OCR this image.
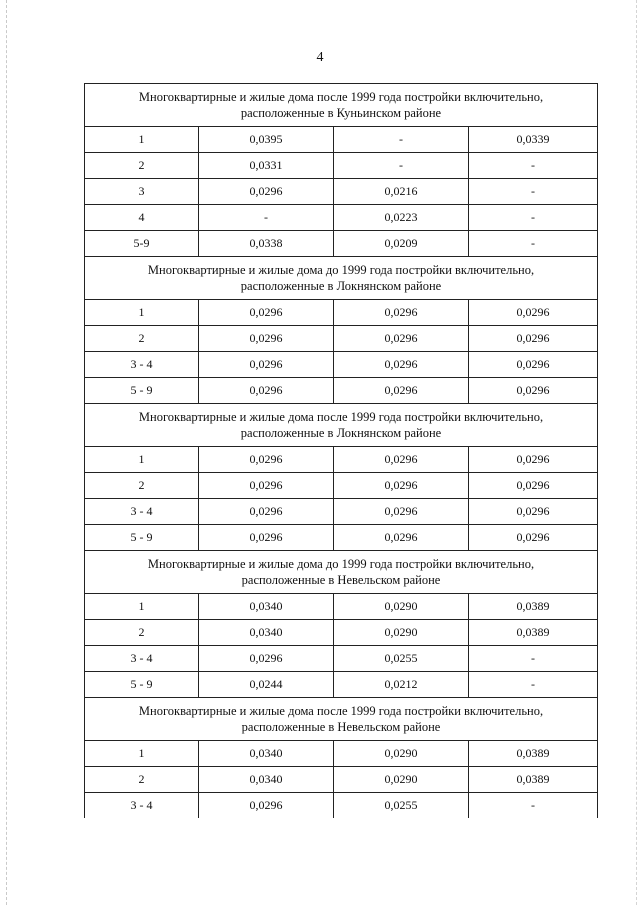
4
Многоквартирные и жилые дома после 1999 года постройки включительно,
расположенные в Куньинском районе			

1	0,0395	-	0,0339
2	0,0331	-	-
3	0,0296	0,0216	-
4	-	0,0223	-
5-9	0,0338	0,0209	-

Многоквартирные и жилые дома до 1999 года постройки включительно,
расположенные в Локнянском районе			

1	0,0296	0,0296	0,0296
2	0,0296	0,0296	0,0296
3 - 4	0,0296	0,0296	0,0296
5 - 9	0,0296	0,0296	0,0296

Многоквартирные и жилые дома после 1999 года постройки включительно,
расположенные в Локнянском районе			

1	0,0296	0,0296	0,0296
2	0,0296	0,0296	0,0296
3 - 4	0,0296	0,0296	0,0296
5 - 9	0,0296	0,0296	0,0296

Многоквартирные и жилые дома до 1999 года постройки включительно,
расположенные в Невельском районе			

1	0,0340	0,0290	0,0389
2	0,0340	0,0290	0,0389
3 - 4	0,0296	0,0255	-
5 - 9	0,0244	0,0212	-

Многоквартирные и жилые дома после 1999 года постройки включительно,
расположенные в Невельском районе			

1	0,0340	0,0290	0,0389
2	0,0340	0,0290	0,0389
3 - 4	0,0296	0,0255	-
